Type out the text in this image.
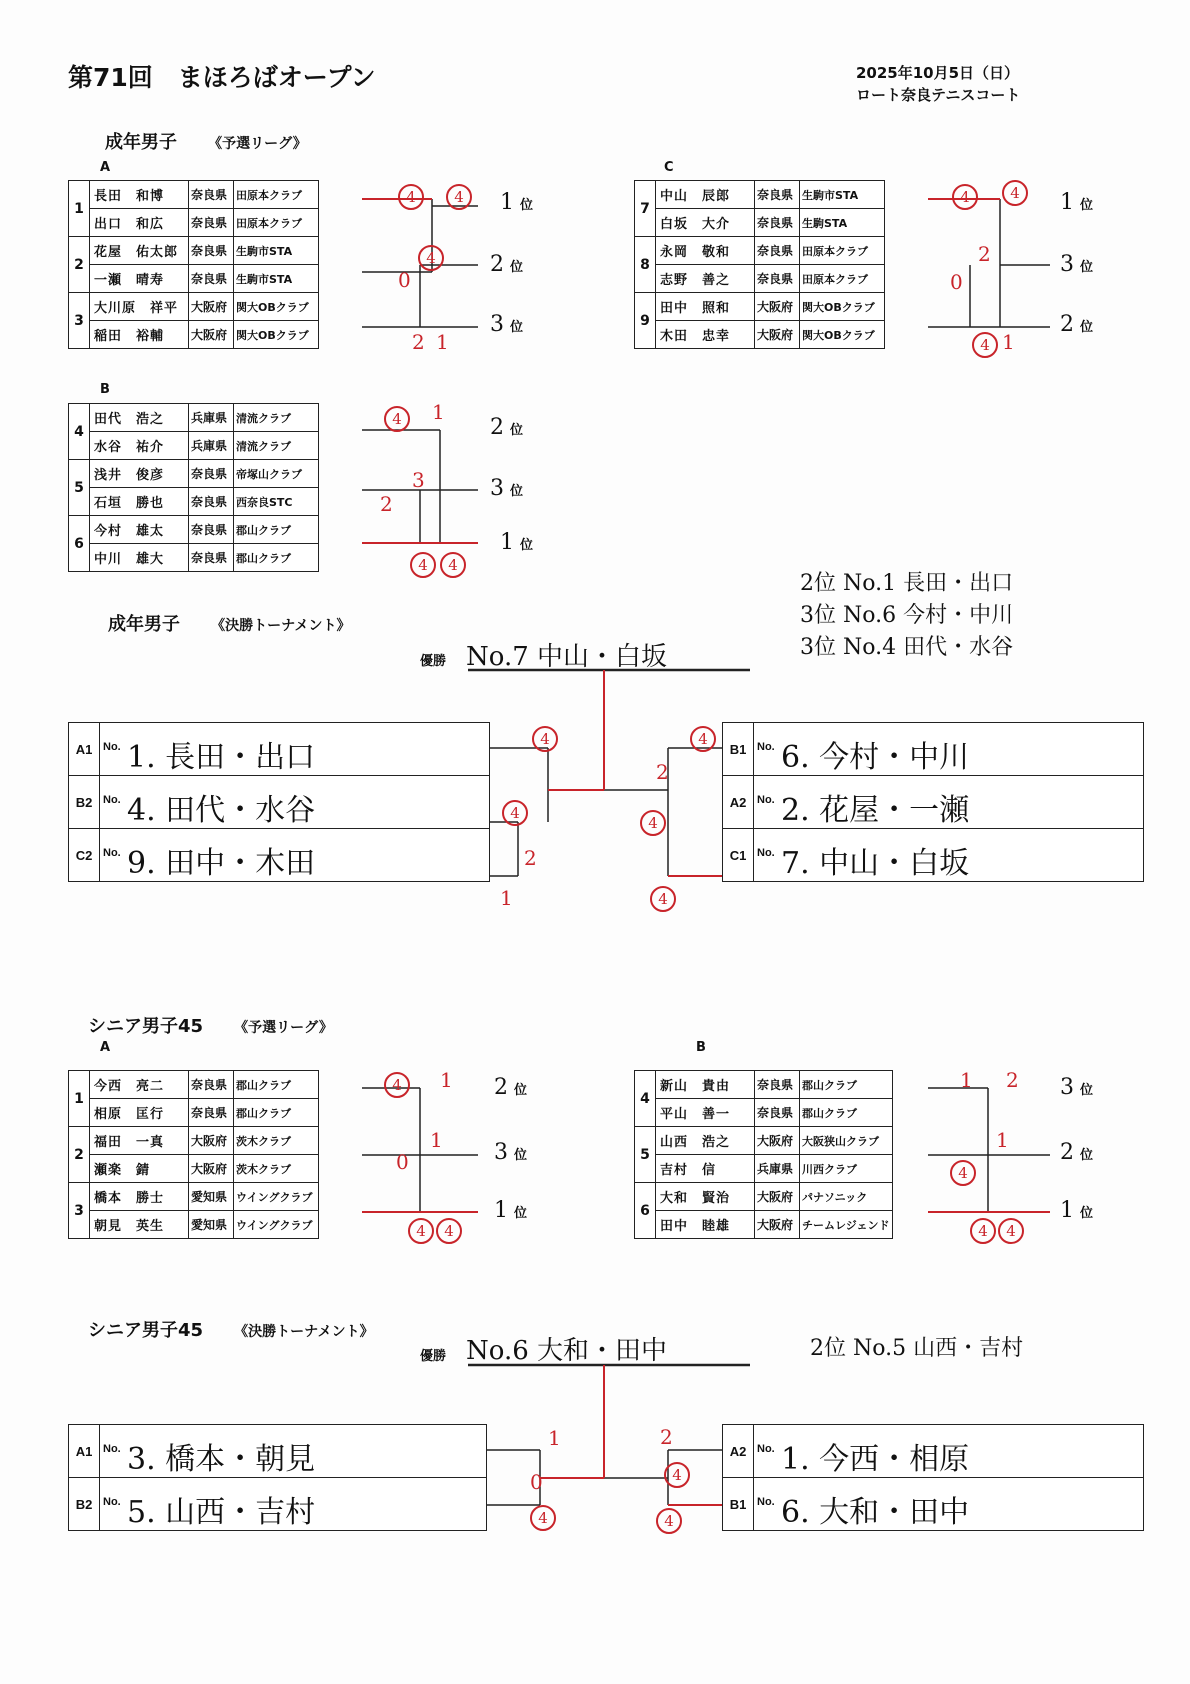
第71回　まほろばオープン	2025年10月5日（日）
ロート奈良テニスコート
成年男子 《予選リーグ》
A
1	長田　和博	奈良県	田原本クラブ
	出口　和広	奈良県	田原本クラブ
2	花屋　佑太郎	奈良県	生駒市STA
	一瀬　晴寿	奈良県	生駒市STA
3	大川原　祥平	大阪府	関大OBクラブ
	稲田　裕輔	大阪府	関大OBクラブ
1 位
2 位
3 位
B
4	田代　浩之	兵庫県	清流クラブ
	水谷　祐介	兵庫県	清流クラブ
5	浅井　俊彦	奈良県	帝塚山クラブ
	石垣　勝也	奈良県	西奈良STC
6	今村　雄太	奈良県	郡山クラブ
	中川　雄大	奈良県	郡山クラブ
2 位
3 位
1 位
C
7	中山　辰郎	奈良県	生駒市STA
	白坂　大介	奈良県	生駒STA
8	永岡　敬和	奈良県	田原本クラブ
	志野　善之	奈良県	田原本クラブ
9	田中　照和	大阪府	関大OBクラブ
	木田　忠幸	大阪府	関大OBクラブ
1 位
3 位
2 位
4	4
4
0
2 1
4	1
3
2
4	4
4	4
2
0
4 1
成年男子 《決勝トーナメント》
2位 No.1 長田・出口
3位 No.6 今村・中川
3位 No.4 田代・水谷
優勝 No.7 中山・白坂
A1 No. 1. 長田・出口
B2 No. 4. 田代・水谷
C2 No. 9. 田中・木田
B1 No. 6. 今村・中川
A2 No. 2. 花屋・一瀬
C1 No. 7. 中山・白坂
4
4
2
1
2
4
4
4
シニア男子45 《予選リーグ》
A
1	今西　亮二	奈良県	郡山クラブ
	相原　匡行	奈良県	郡山クラブ
2	福田　一真	大阪府	茨木クラブ
	瀬楽　錆	大阪府	茨木クラブ
3	橋本　勝士	愛知県	ウイングクラブ
	朝見　英生	愛知県	ウイングクラブ
2 位
3 位
1 位
B
4	新山　貴由	奈良県	郡山クラブ
	平山　善一	奈良県	郡山クラブ
5	山西　浩之	大阪府	大阪狭山クラブ
	吉村　信	兵庫県	川西クラブ
6	大和　賢治	大阪府	パナソニック
	田中　睦雄	大阪府	チームレジェンド
3 位
2 位
1 位
4	1
1
0
4	4
1 2
1
4
4	4
シニア男子45 《決勝トーナメント》
優勝 No.6 大和・田中	2位 No.5 山西・吉村
A1 No. 3. 橋本・朝見
B2 No. 5. 山西・吉村
A2 No. 1. 今西・相原
B1 No. 6. 大和・田中
1
0
4
2
4
4
